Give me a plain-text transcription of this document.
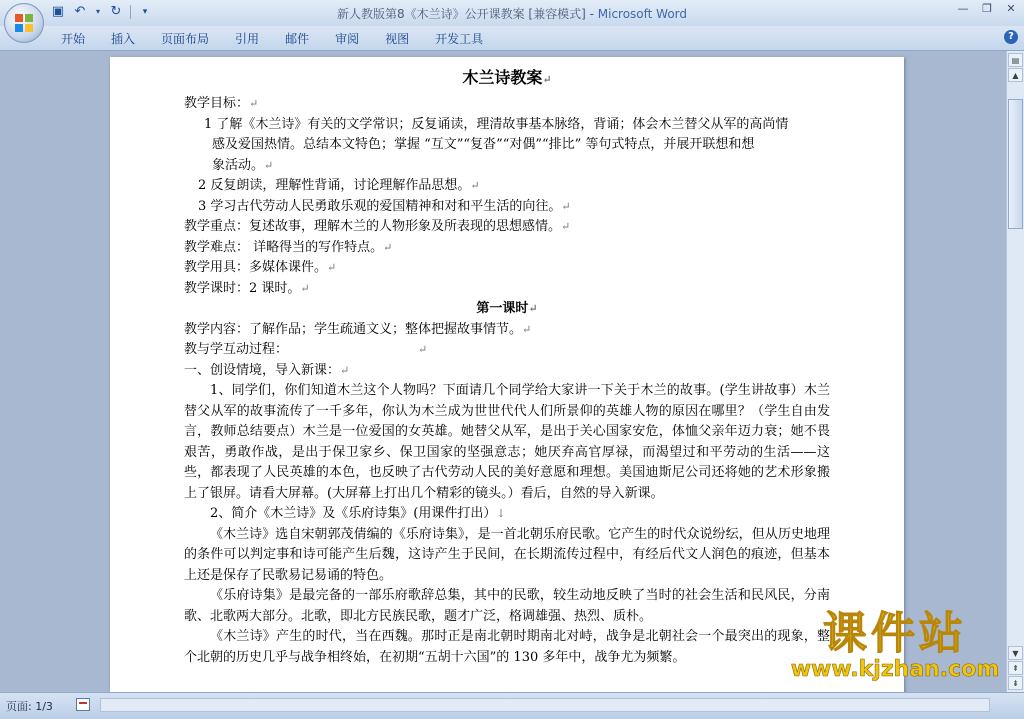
▣ ↶	▾ ↻	▾	新人教版第8《木兰诗》公开课教案 [兼容模式] - Microsoft Word	— ❐ ✕
开始	插入	页面布局	引用	邮件	审阅	视图	开发工具	?

木兰诗教案↵

教学目标：↵

1 了解《木兰诗》有关的文学常识；反复诵读，理清故事基本脉络，背诵；体会木兰替父从军的高尚情

感及爱国热情。总结本文特色；掌握 “互文”“复沓”“对偶”“排比” 等句式特点，并展开联想和想

象活动。↵

2 反复朗读，理解性背诵，讨论理解作品思想。↵

3 学习古代劳动人民勇敢乐观的爱国精神和对和平生活的向往。↵

教学重点：复述故事，理解木兰的人物形象及所表现的思想感情。↵

教学难点： 详略得当的写作特点。↵

教学用具：多媒体课件。↵

教学课时：2 课时。↵

第一课时↵

教学内容：了解作品；学生疏通文义；整体把握故事情节。↵

教与学互动过程：	↵

一、创设情境，导入新课：↵

1、同学们，你们知道木兰这个人物吗？下面请几个同学给大家讲一下关于木兰的故事。(学生讲故事）木兰替父从军的故事流传了一千多年，你认为木兰成为世世代代人们所景仰的英雄人物的原因在哪里？（学生自由发言，教师总结要点）木兰是一位爱国的女英雄。她替父从军，是出于关心国家安危，体恤父亲年迈力衰；她不畏艰苦，勇敢作战，是出于保卫家乡、保卫国家的坚强意志；她厌弃高官厚禄，而渴望过和平劳动的生活——这些，都表现了人民英雄的本色，也反映了古代劳动人民的美好意愿和理想。美国迪斯尼公司还将她的艺术形象搬上了银屏。请看大屏幕。(大屏幕上打出几个精彩的镜头。）看后，自然的导入新课。

2、简介《木兰诗》及《乐府诗集》(用课件打出）↓

《木兰诗》选自宋朝郭茂倩编的《乐府诗集》，是一首北朝乐府民歌。它产生的时代众说纷纭，但从历史地理的条件可以判定事和诗可能产生后魏，这诗产生于民间，在长期流传过程中，有经后代文人润色的痕迹，但基本上还是保存了民歌易记易诵的特色。

《乐府诗集》是最完备的一部乐府歌辞总集，其中的民歌，较生动地反映了当时的社会生活和民风民，分南歌、北歌两大部分。北歌，即北方民族民歌，题才广泛，格调雄强、热烈、质朴。

《木兰诗》产生的时代，当在西魏。那时正是南北朝时期南北对峙，战争是北朝社会一个最突出的现象，整个北朝的历史几乎与战争相终始，在初期“五胡十六国”的 130 多年中，战争尤为频繁。

▤
▲
▼
⇞
⇟
页面: 1/3
课件站
www.kjzhan.com
